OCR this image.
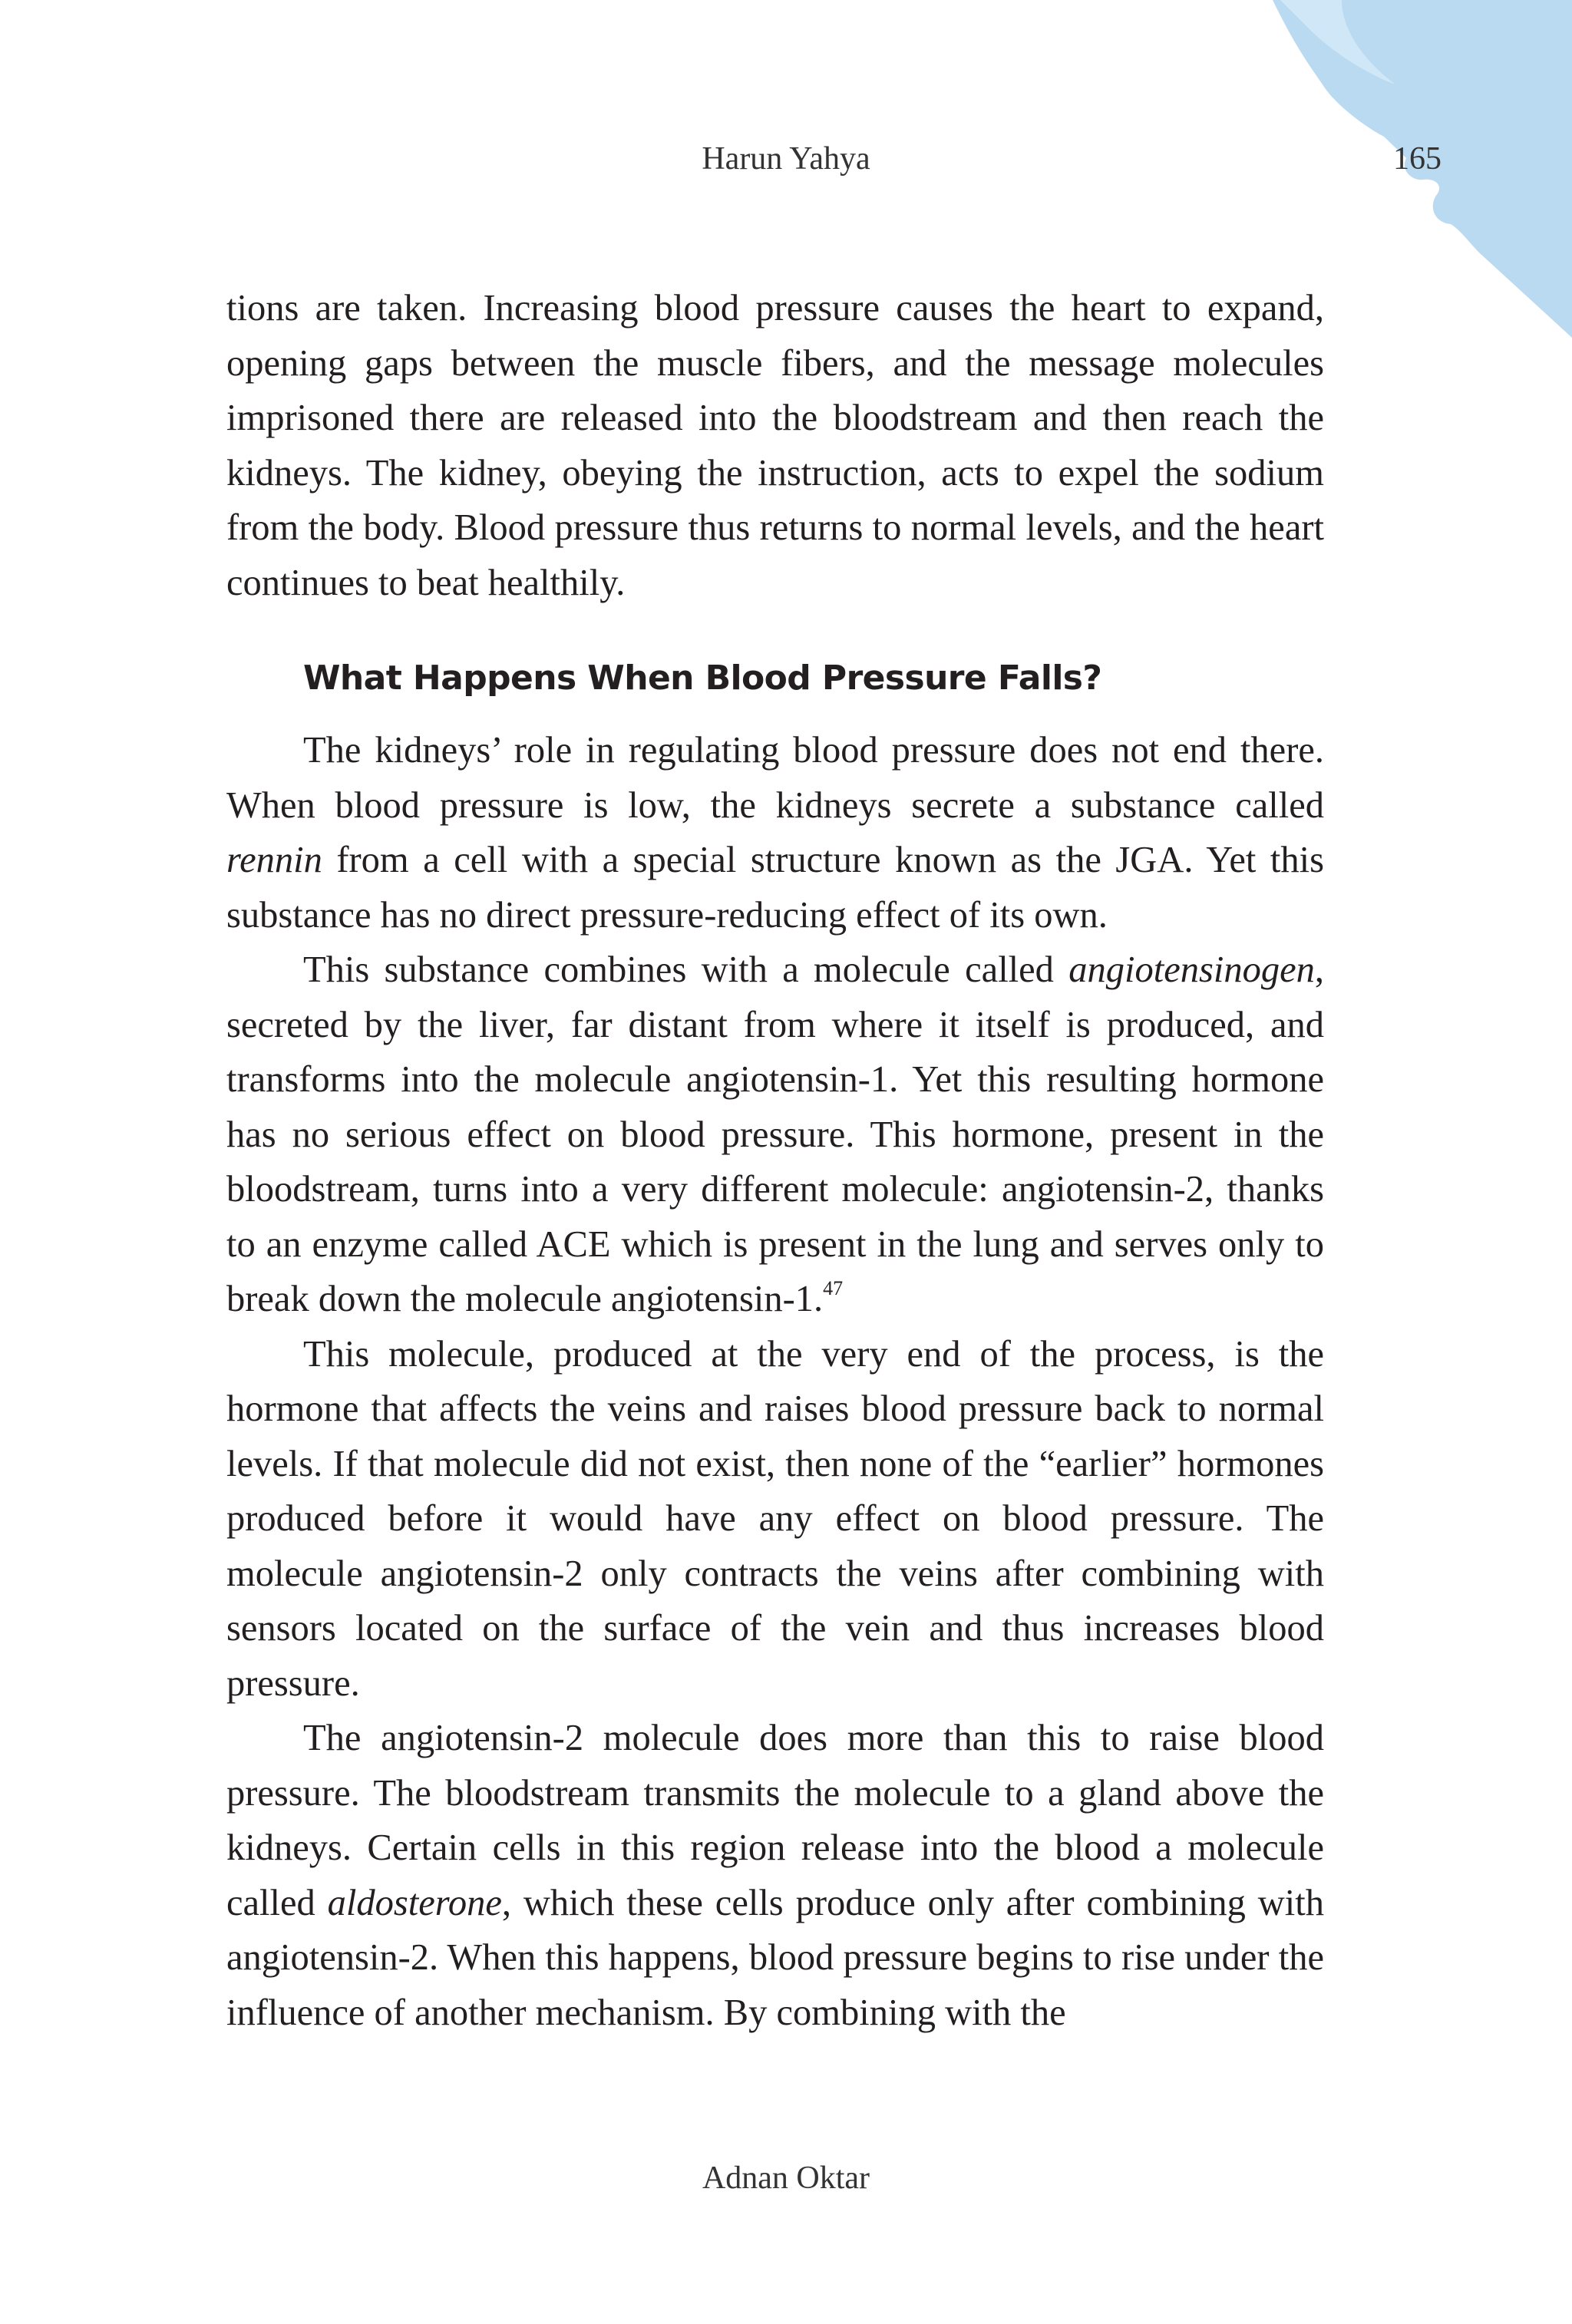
Harun Yahya	165

tions are taken. Increasing blood pressure causes the heart to expand, opening gaps between the muscle fibers, and the message molecules imprisoned there are released into the bloodstream and then reach the kidneys. The kidney, obeying the instruction, acts to expel the sodium from the body. Blood pressure thus returns to normal levels, and the heart continues to beat healthily.

What Happens When Blood Pressure Falls?

The kidneys’ role in regulating blood pressure does not end there. When blood pressure is low, the kidneys secrete a substance called rennin from a cell with a special structure known as the JGA. Yet this substance has no direct pressure-reducing effect of its own.

This substance combines with a molecule called angiotensinogen, secreted by the liver, far distant from where it itself is produced, and transforms into the molecule angiotensin-1. Yet this resulting hormone has no serious effect on blood pressure. This hormone, present in the bloodstream, turns into a very different molecule: angiotensin-2, thanks to an enzyme called ACE which is present in the lung and serves only to break down the molecule angiotensin-1.47

This molecule, produced at the very end of the process, is the hormone that affects the veins and raises blood pressure back to normal levels. If that molecule did not exist, then none of the “earlier” hormones produced before it would have any effect on blood pressure. The molecule angiotensin-2 only contracts the veins after combining with sensors located on the surface of the vein and thus increases blood pressure.

The angiotensin-2 molecule does more than this to raise blood pressure. The bloodstream transmits the molecule to a gland above the kidneys. Certain cells in this region release into the blood a molecule called aldosterone, which these cells produce only after combining with angiotensin-2. When this happens, blood pressure begins to rise under the influence of another mechanism. By combining with the

Adnan Oktar
